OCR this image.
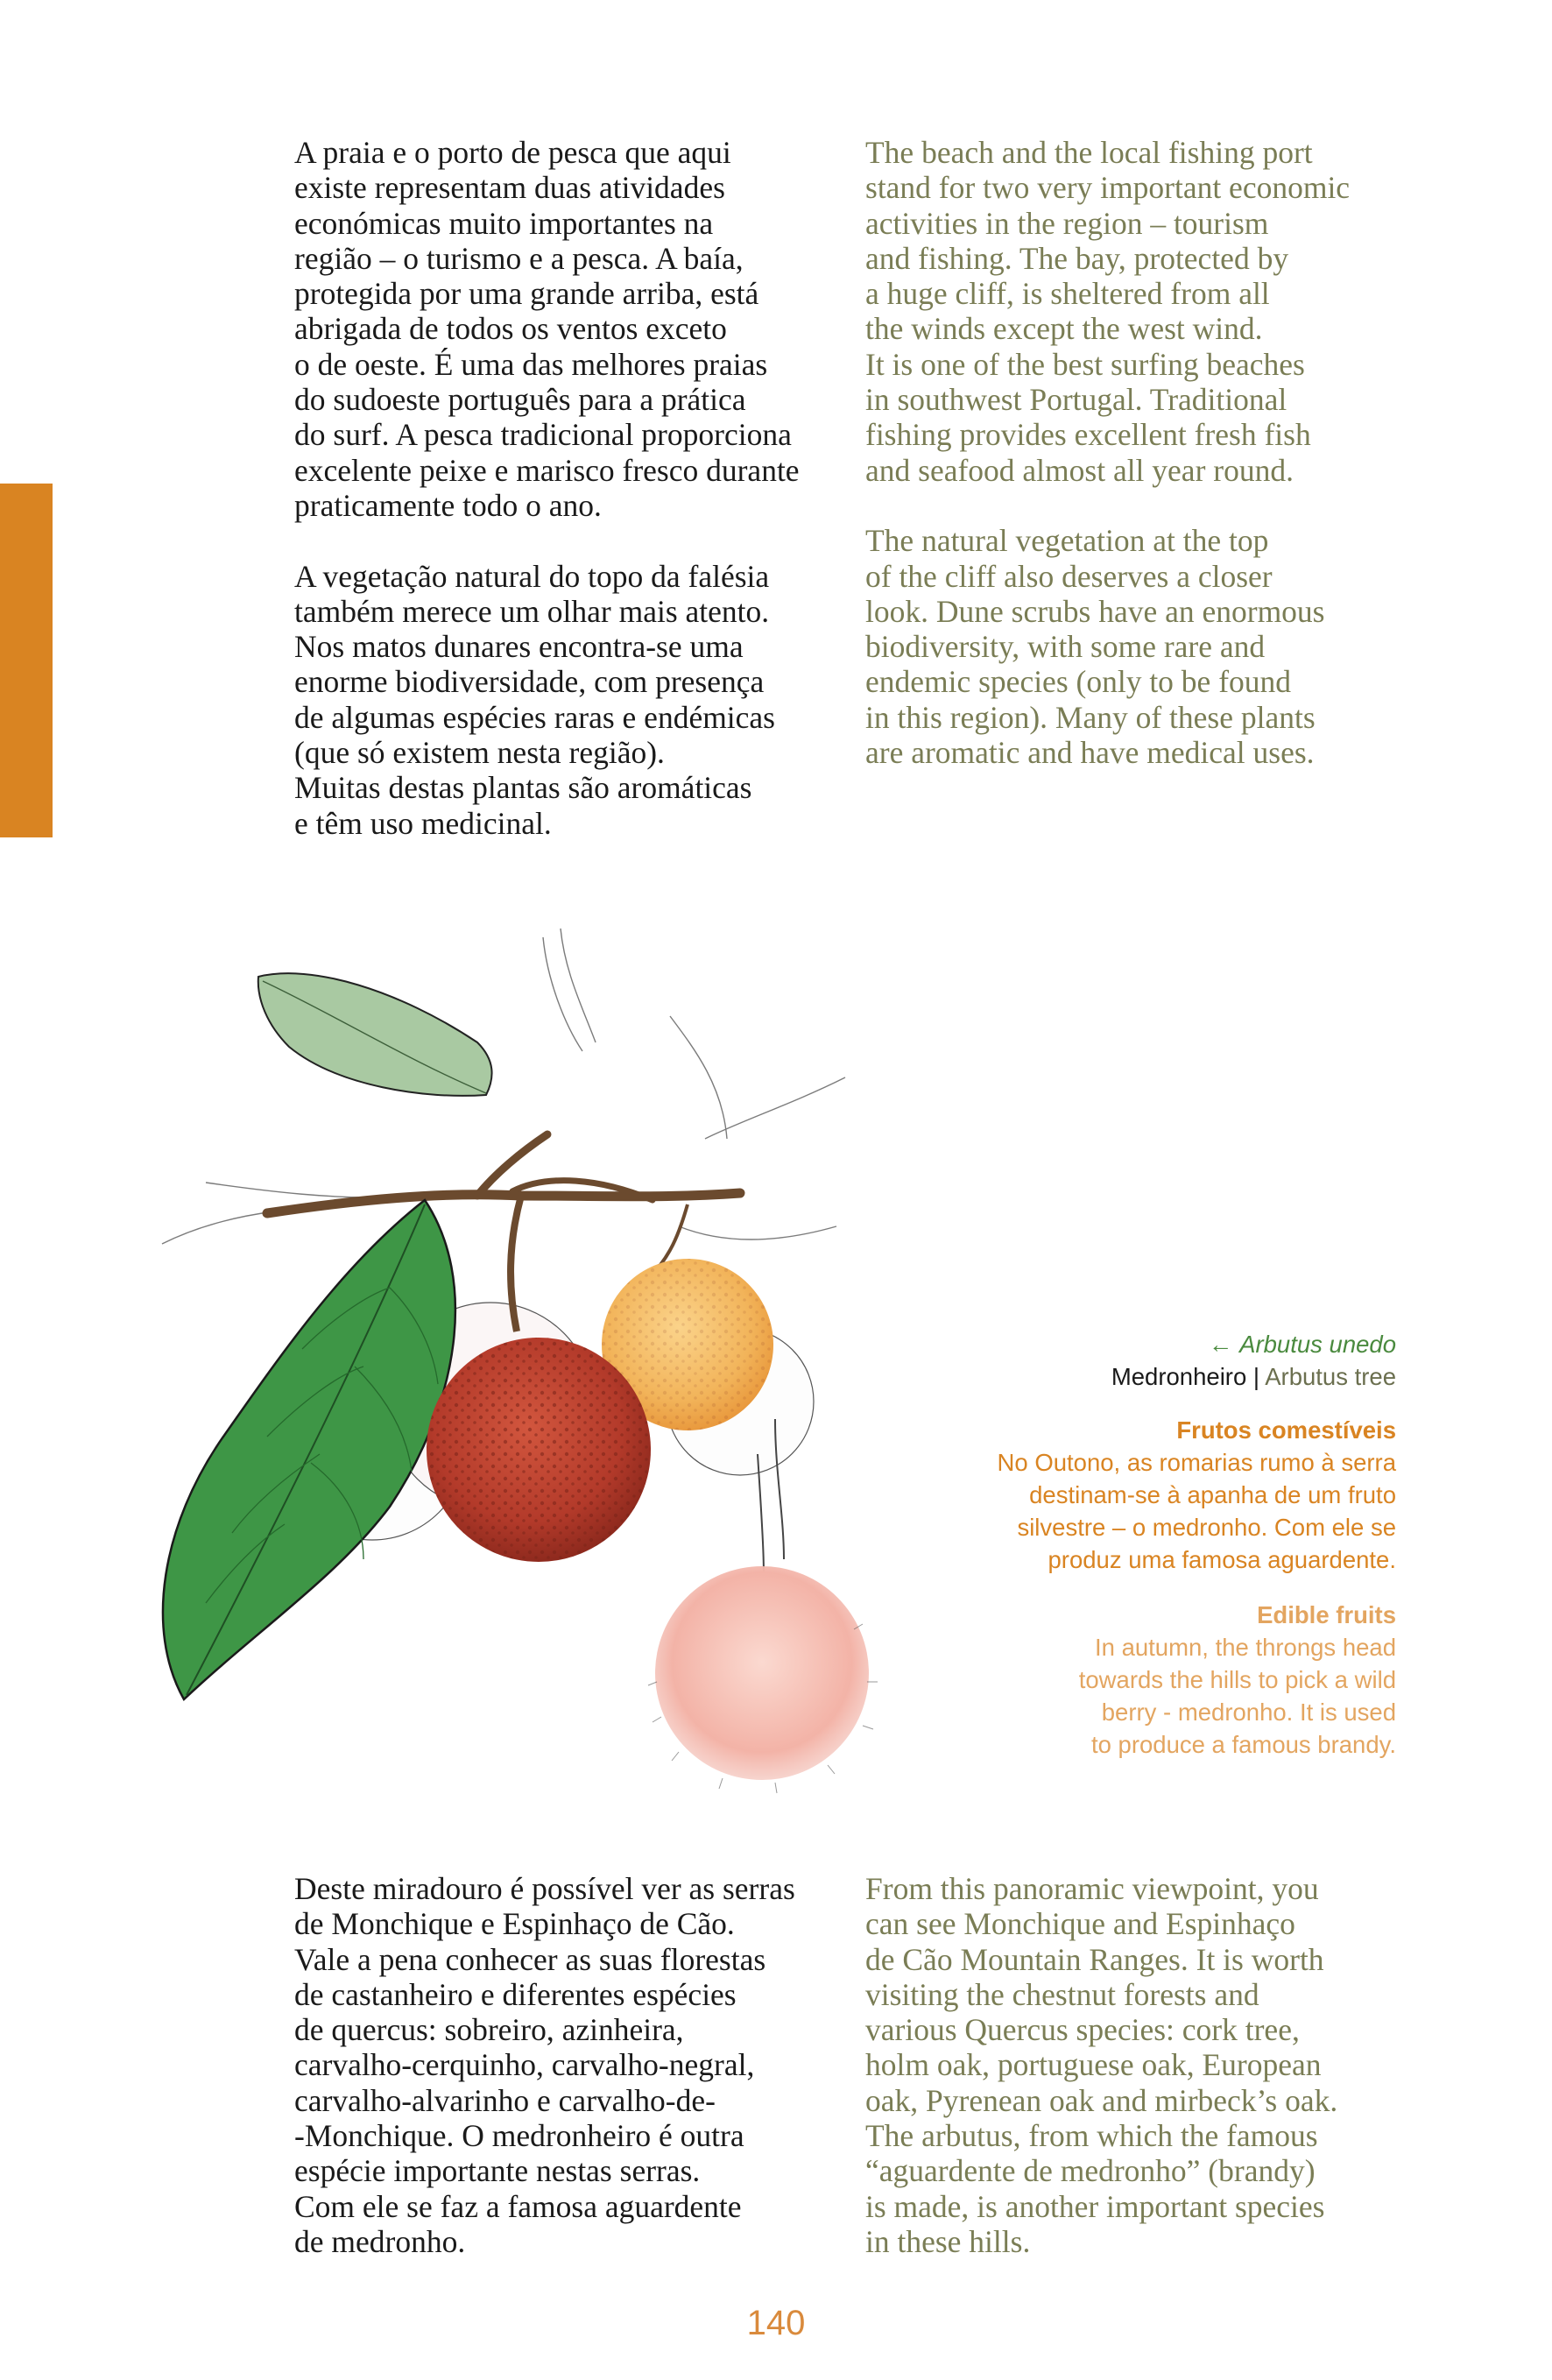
A praia e o porto de pesca que aqui
existe representam duas atividades
económicas muito importantes na
região – o turismo e a pesca. A baía,
protegida por uma grande arriba, está
abrigada de todos os ventos exceto
o de oeste. É uma das melhores praias
do sudoeste português para a prática
do surf. A pesca tradicional proporciona
excelente peixe e marisco fresco durante
praticamente todo o ano.

A vegetação natural do topo da falésia
também merece um olhar mais atento.
Nos matos dunares encontra-se uma
enorme biodiversidade, com presença
de algumas espécies raras e endémicas
(que só existem nesta região).
Muitas destas plantas são aromáticas
e têm uso medicinal.

The beach and the local fishing port
stand for two very important economic
activities in the region – tourism
and fishing. The bay, protected by
a huge cliff, is sheltered from all
the winds except the west wind.
It is one of the best surfing beaches
in southwest Portugal. Traditional
fishing provides excellent fresh fish
and seafood almost all year round.

The natural vegetation at the top
of the cliff also deserves a closer
look. Dune scrubs have an enormous
biodiversity, with some rare and
endemic species (only to be found
in this region). Many of these plants
are aromatic and have medical uses.

← Arbutus unedo
Medronheiro | Arbutus tree
Frutos comestíveis
No Outono, as romarias rumo à serra
destinam-se à apanha de um fruto
silvestre – o medronho. Com ele se
produz uma famosa aguardente.
Edible fruits
In autumn, the throngs head
towards the hills to pick a wild
berry - medronho. It is used
to produce a famous brandy.

Deste miradouro é possível ver as serras
de Monchique e Espinhaço de Cão.
Vale a pena conhecer as suas florestas
de castanheiro e diferentes espécies
de quercus: sobreiro, azinheira,
carvalho-cerquinho, carvalho-negral,
carvalho-alvarinho e carvalho-de-
-Monchique. O medronheiro é outra
espécie importante nestas serras.
Com ele se faz a famosa aguardente
de medronho.

From this panoramic viewpoint, you
can see Monchique and Espinhaço
de Cão Mountain Ranges. It is worth
visiting the chestnut forests and
various Quercus species: cork tree,
holm oak, portuguese oak, European
oak, Pyrenean oak and mirbeck’s oak.
The arbutus, from which the famous
“aguardente de medronho” (brandy)
is made, is another important species
in these hills.

140
